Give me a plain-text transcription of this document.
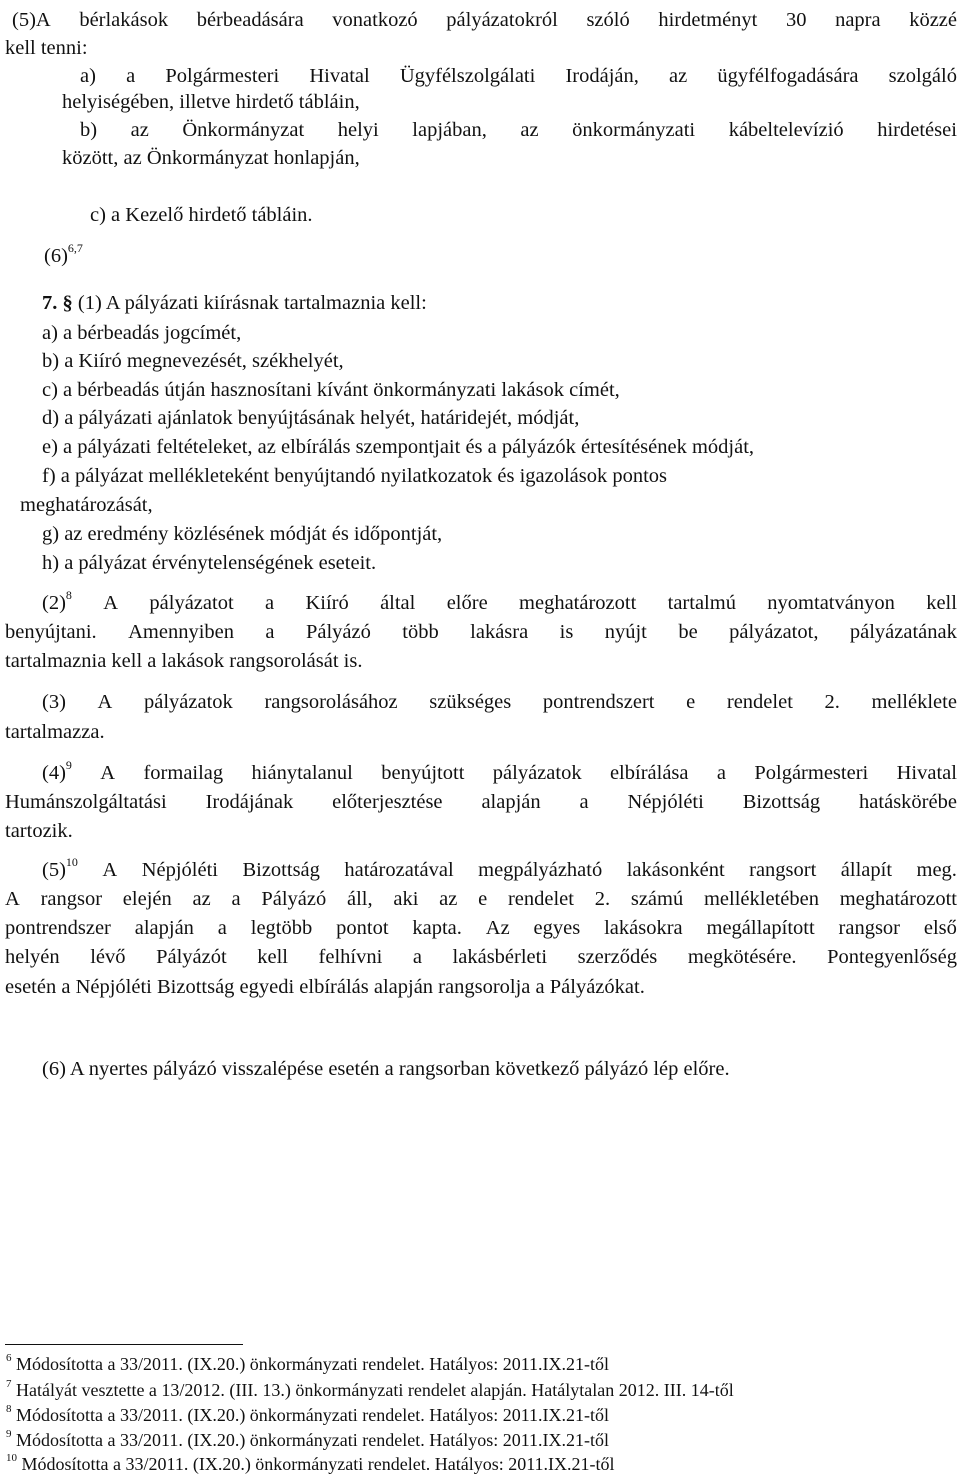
(5)A bérlakások bérbeadására vonatkozó pályázatokról szóló hirdetményt 30 napra közzé
kell tenni:
a) a Polgármesteri Hivatal Ügyfélszolgálati Irodáján, az ügyfélfogadására szolgáló
helyiségében, illetve hirdető tábláin,
b) az Önkormányzat helyi lapjában, az önkormányzati kábeltelevízió hirdetései
között, az Önkormányzat honlapján,
c) a Kezelő hirdető tábláin.
$(6)^{6,7}$
7. § (1) A pályázati kiírásnak tartalmaznia kell:
a) a bérbeadás jogcímét,
b) a Kiíró megnevezését, székhelyét,
c) a bérbeadás útján hasznosítani kívánt önkormányzati lakások címét,
d) a pályázati ajánlatok benyújtásának helyét, határidejét, módját,
e) a pályázati feltételeket, az elbírálás szempontjait és a pályázók értesítésének módját,
f) a pályázat mellékleteként benyújtandó nyilatkozatok és igazolások pontos
meghatározását,
g) az eredmény közlésének módját és időpontját,
h) a pályázat érvénytelenségének eseteit.
$(2)^8$ A pályázatot a Kiíró által előre meghatározott tartalmú nyomtatványon kell
benyújtani. Amennyiben a Pályázó több lakásra is nyújt be pályázatot, pályázatának
tartalmaznia kell a lakások rangsorolását is.
(3) A pályázatok rangsorolásához szükséges pontrendszert e rendelet 2. melléklete
tartalmazza.
$(4)^9$ A formailag hiánytalanul benyújtott pályázatok elbírálása a Polgármesteri Hivatal
Humánszolgáltatási Irodájának előterjesztése alapján a Népjóléti Bizottság hatáskörébe
tartozik.
$(5)^{10}$ A Népjóléti Bizottság határozatával megpályázható lakásonként rangsort állapít meg.
A rangsor elején az a Pályázó áll, aki az e rendelet 2. számú mellékletében meghatározott
pontrendszer alapján a legtöbb pontot kapta. Az egyes lakásokra megállapított rangsor első
helyén lévő Pályázót kell felhívni a lakásbérleti szerződés megkötésére. Pontegyenlőség
esetén a Népjóléti Bizottság egyedi elbírálás alapján rangsorolja a Pályázókat.
(6) A nyertes pályázó visszalépése esetén a rangsorban következő pályázó lép előre.
$^6$ Módosította a 33/2011. (IX.20.) önkormányzati rendelet. Hatályos: 2011.IX.21-től
$^7$ Hatályát vesztette a 13/2012. (III. 13.) önkormányzati rendelet alapján. Hatálytalan 2012. III. 14-től
$^8$ Módosította a 33/2011. (IX.20.) önkormányzati rendelet. Hatályos: 2011.IX.21-től
$^9$ Módosította a 33/2011. (IX.20.) önkormányzati rendelet. Hatályos: 2011.IX.21-től
$^{10}$ Módosította a 33/2011. (IX.20.) önkormányzati rendelet. Hatályos: 2011.IX.21-től
